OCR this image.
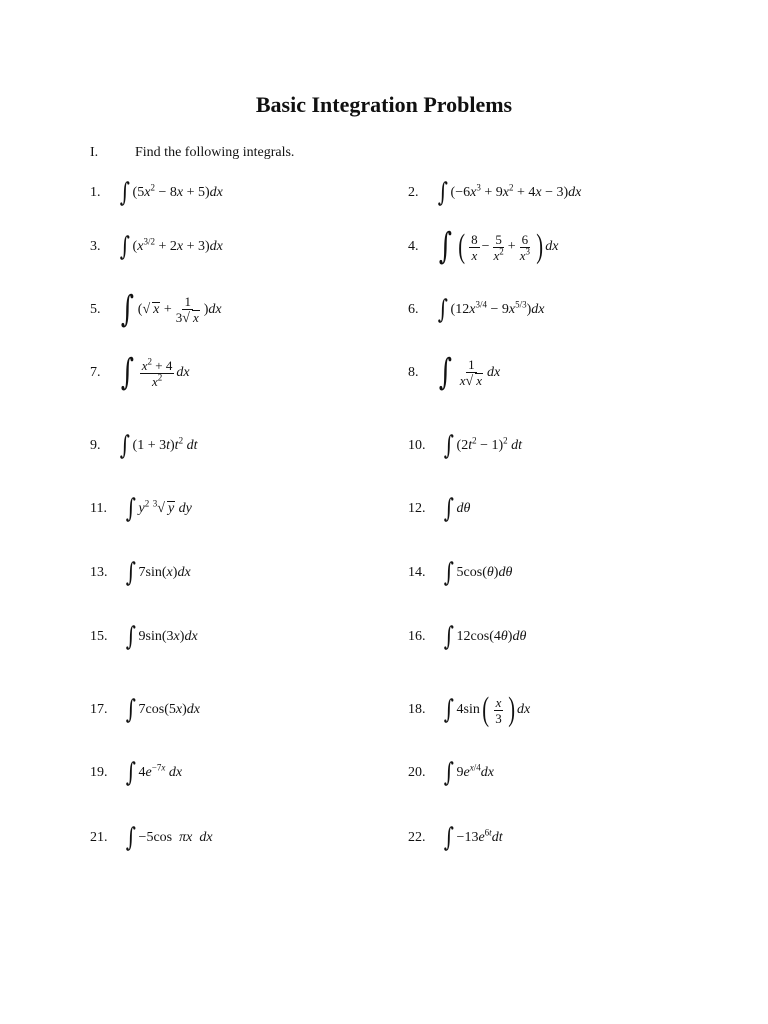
Basic Integration Problems
I.	Find the following integrals.
1. ∫ $(5x^2 - 8x + 5)dx$	2. ∫ $(-6x^3 + 9x^2 + 4x - 3)dx$
3. ∫ $(x^{3/2} + 2x + 3)dx$	4. ∫ ( $\frac{8}{x} - \frac{5}{x^2} + \frac{6}{x^3}$ ) dx
5. ∫ (√ $x + \frac{1}{3√ x} )dx$	6. ∫ $(12x^{3/4} - 9x^{5/3})dx$
7. ∫ $\frac{x^2 + 4}{x^2}$ dx	8. ∫ $\frac{1}{x√ x}$ dx
9. ∫ $(1 + 3t)t^2$ dt	10. ∫ $(2t^2 - 1)^2$ dt
11. ∫ $y^2$ $^3$√ y dy	12. ∫ dθ
13. ∫ 7sin(x)dx	14. ∫ 5cos(θ)dθ
15. ∫ 9sin(3x)dx	16. ∫ 12cos(4θ)dθ
17. ∫ 7cos(5x)dx	18. ∫ 4sin ( $\frac{x}{3}$ ) dx
19. ∫ $4e^{-7x}$ dx	20. ∫ $9e^{x/4}dx$
21. ∫ −5cos  πx dx	22. ∫ $-13e^{6t}dt$
